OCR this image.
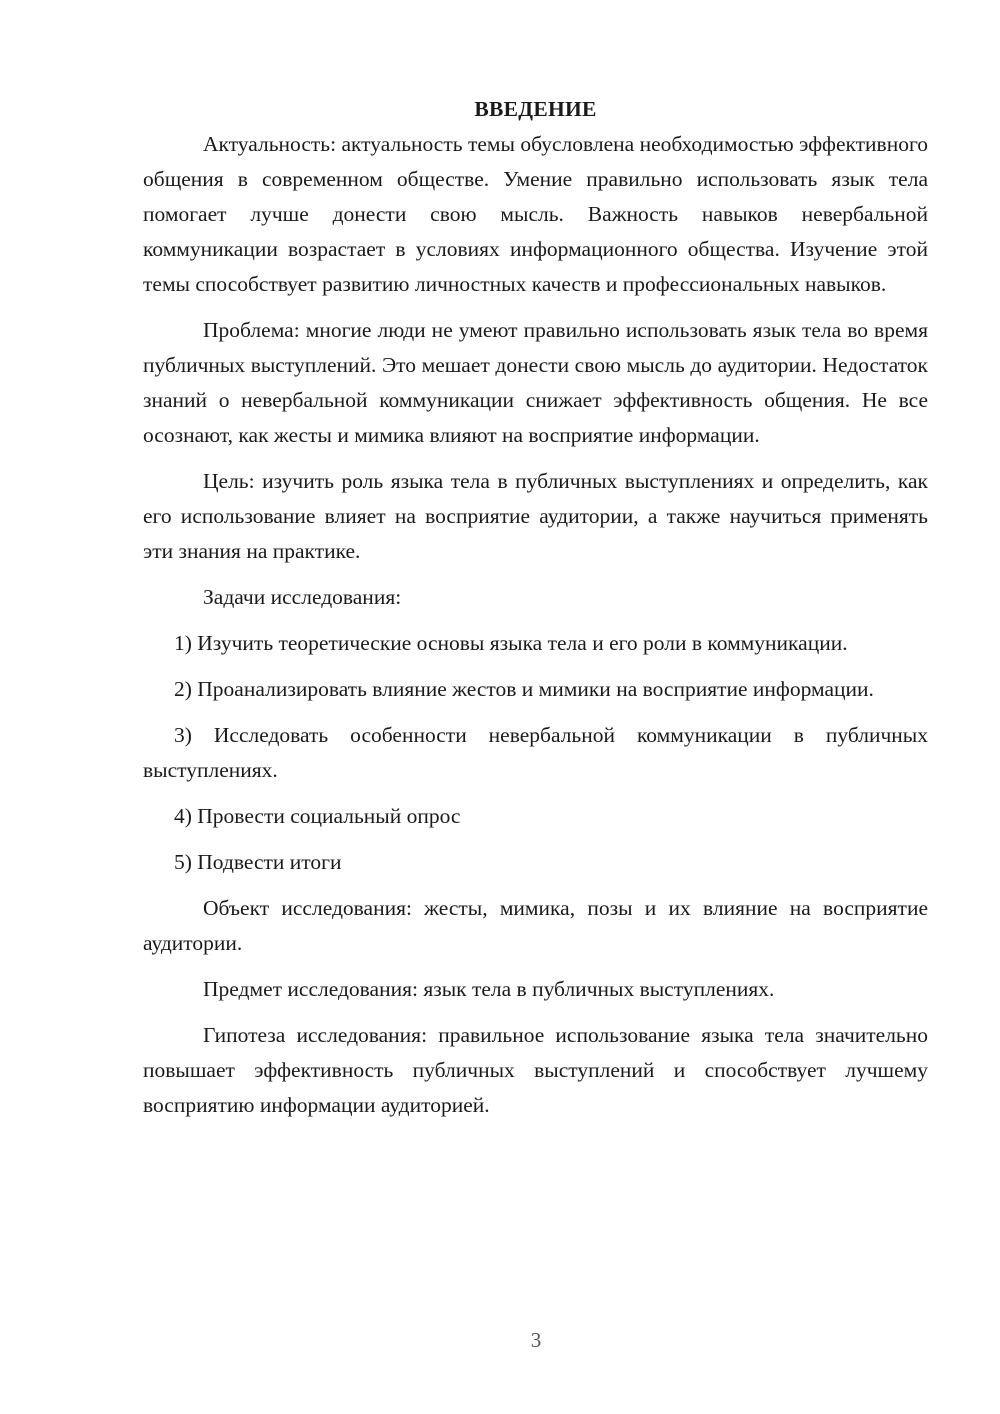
ВВЕДЕНИЕ

Актуальность: актуальность темы обусловлена необходимостью эффективного общения в современном обществе. Умение правильно использовать язык тела помогает лучше донести свою мысль. Важность навыков невербальной коммуникации возрастает в условиях информационного общества. Изучение этой темы способствует развитию личностных качеств и профессиональных навыков.

Проблема: многие люди не умеют правильно использовать язык тела во время публичных выступлений. Это мешает донести свою мысль до аудитории. Недостаток знаний о невербальной коммуникации снижает эффективность общения. Не все осознают, как жесты и мимика влияют на восприятие информации.

Цель: изучить роль языка тела в публичных выступлениях и определить, как его использование влияет на восприятие аудитории, а также научиться применять эти знания на практике.

Задачи исследования:

1) Изучить теоретические основы языка тела и его роли в коммуникации.

2) Проанализировать влияние жестов и мимики на восприятие информации.

3) Исследовать особенности невербальной коммуникации в публичных выступлениях.

4) Провести социальный опрос

5) Подвести итоги

Объект исследования: жесты, мимика, позы и их влияние на восприятие аудитории.

Предмет исследования: язык тела в публичных выступлениях.

Гипотеза исследования: правильное использование языка тела значительно повышает эффективность публичных выступлений и способствует лучшему восприятию информации аудиторией.

3
